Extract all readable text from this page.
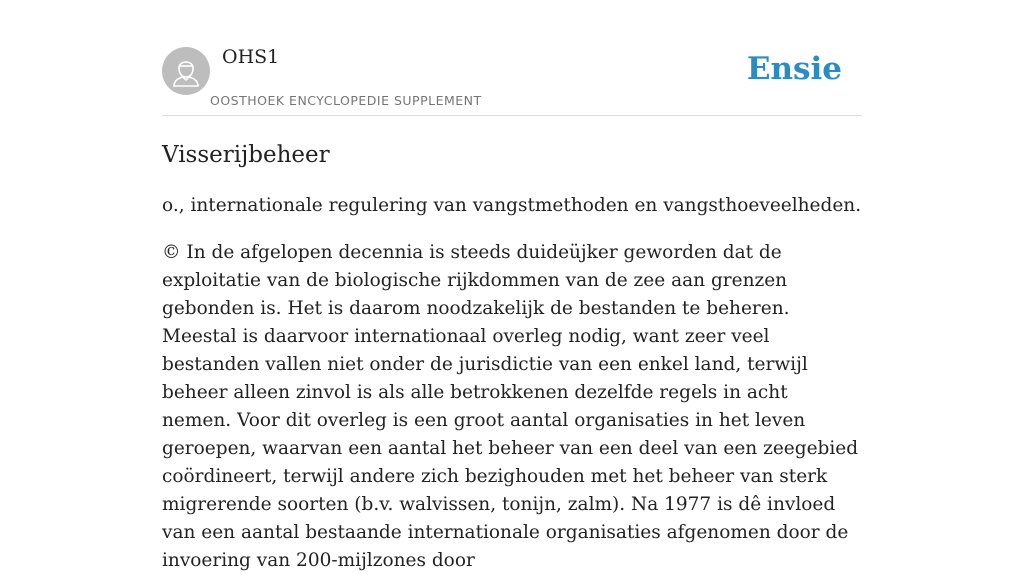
OHS1
OOSTHOEK ENCYCLOPEDIE SUPPLEMENT
Ensie
Visserijbeheer

o., internationale regulering van vangstmethoden en vangsthoeveelheden.

© In de afgelopen decennia is steeds duideüjker geworden dat de exploitatie van de biologische rijkdommen van de zee aan grenzen gebonden is. Het is daarom noodzakelijk de bestanden te beheren. Meestal is daarvoor internationaal overleg nodig, want zeer veel bestanden vallen niet onder de jurisdictie van een enkel land, terwijl beheer alleen zinvol is als alle betrokkenen dezelfde regels in acht nemen. Voor dit overleg is een groot aantal organisaties in het leven geroepen, waarvan een aantal het beheer van een deel van een zeegebied coördineert, terwijl andere zich bezighouden met het beheer van sterk migrerende soorten (b.v. walvissen, tonijn, zalm). Na 1977 is dê invloed van een aantal bestaande internationale organisaties afgenomen door de invoering van 200-mijlzones door
